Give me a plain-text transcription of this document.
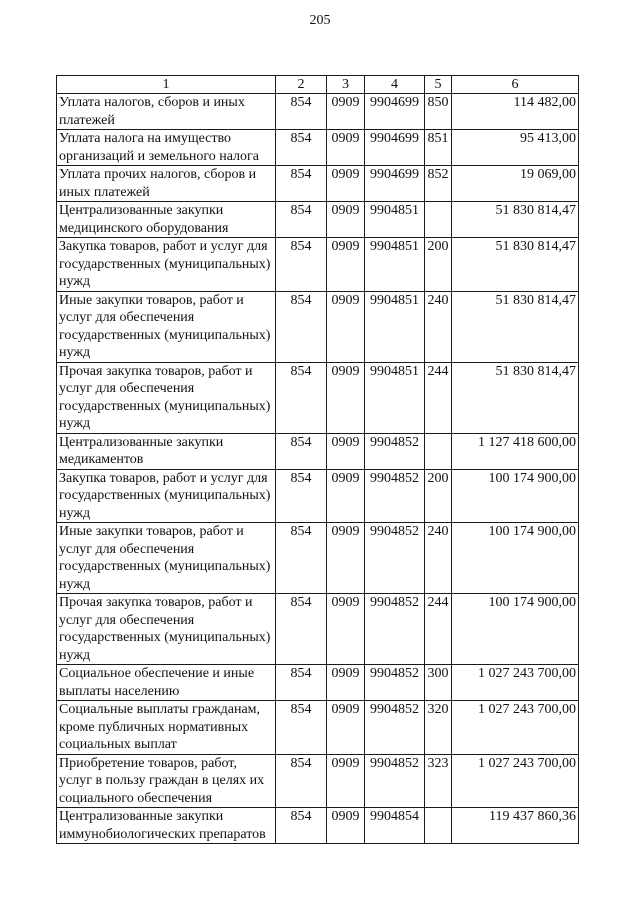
205
1	2	3	4	5	6
Уплата налогов, сборов и иных платежей	854	0909	9904699	850	114 482,00
Уплата налога на имущество организаций и земельного налога	854	0909	9904699	851	95 413,00
Уплата прочих налогов, сборов и иных платежей	854	0909	9904699	852	19 069,00
Централизованные закупки медицинского оборудования	854	0909	9904851		51 830 814,47
Закупка товаров, работ и услуг для государственных (муниципальных) нужд	854	0909	9904851	200	51 830 814,47
Иные закупки товаров, работ и услуг для обеспечения государственных (муниципальных) нужд	854	0909	9904851	240	51 830 814,47
Прочая закупка товаров, работ и услуг для обеспечения государственных (муниципальных) нужд	854	0909	9904851	244	51 830 814,47
Централизованные закупки медикаментов	854	0909	9904852		1 127 418 600,00
Закупка товаров, работ и услуг для государственных (муниципальных) нужд	854	0909	9904852	200	100 174 900,00
Иные закупки товаров, работ и услуг для обеспечения государственных (муниципальных) нужд	854	0909	9904852	240	100 174 900,00
Прочая закупка товаров, работ и услуг для обеспечения государственных (муниципальных) нужд	854	0909	9904852	244	100 174 900,00
Социальное обеспечение и иные выплаты населению	854	0909	9904852	300	1 027 243 700,00
Социальные выплаты гражданам, кроме публичных нормативных социальных выплат	854	0909	9904852	320	1 027 243 700,00
Приобретение товаров, работ, услуг в пользу граждан в целях их социального обеспечения	854	0909	9904852	323	1 027 243 700,00
Централизованные закупки иммунобиологических препаратов	854	0909	9904854		119 437 860,36
